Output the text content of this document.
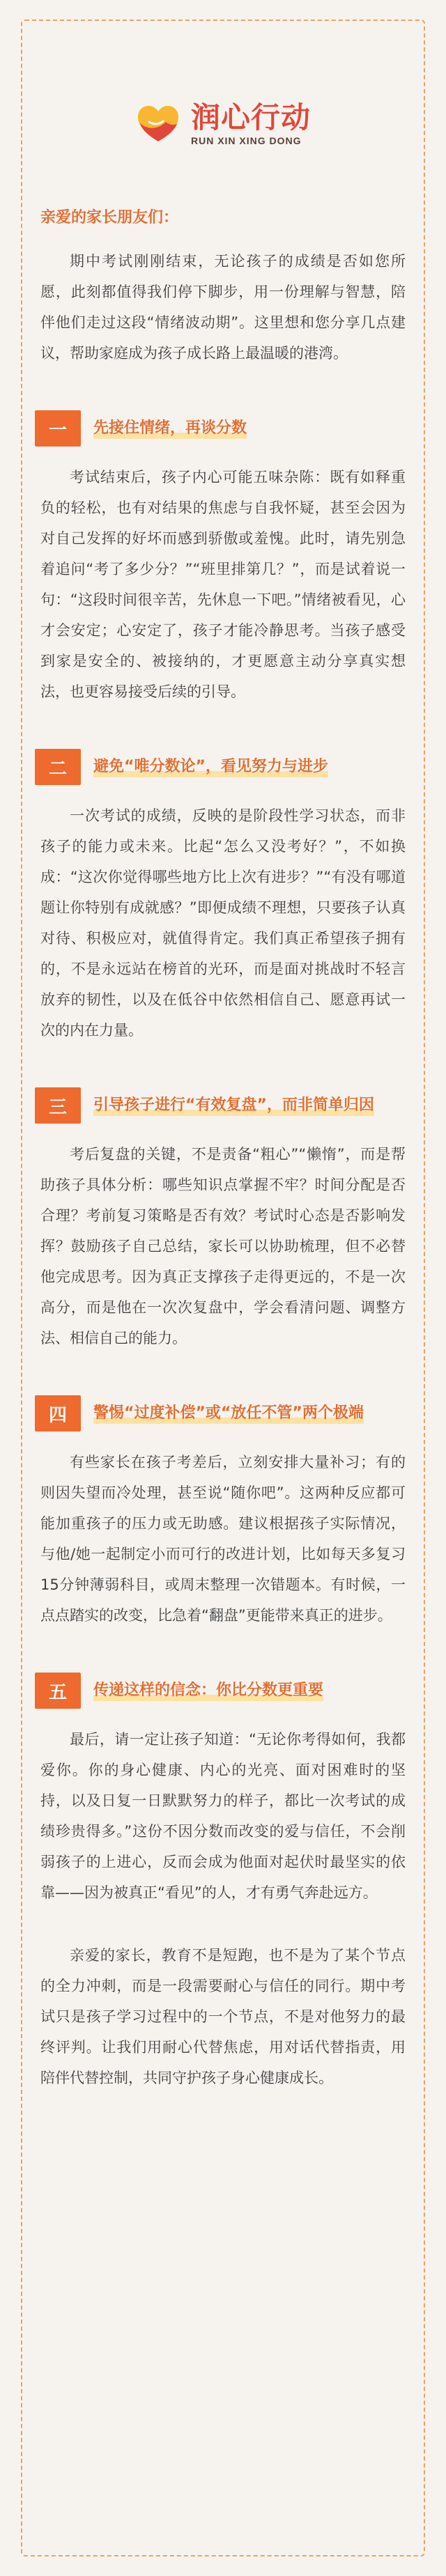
润心行动
RUN XIN XING DONG
亲爱的家长朋友们：

期中考试刚刚结束，无论孩子的成绩是否如您所愿，此刻都值得我们停下脚步，用一份理解与智慧，陪伴他们走过这段“情绪波动期”。这里想和您分享几点建议，帮助家庭成为孩子成长路上最温暖的港湾。

一	先接住情绪，再谈分数

考试结束后，孩子内心可能五味杂陈：既有如释重负的轻松，也有对结果的焦虑与自我怀疑，甚至会因为对自己发挥的好坏而感到骄傲或羞愧。此时，请先别急着追问“考了多少分？”“班里排第几？”，而是试着说一句：“这段时间很辛苦，先休息一下吧。”情绪被看见，心才会安定；心安定了，孩子才能冷静思考。当孩子感受到家是安全的、被接纳的，才更愿意主动分享真实想法，也更容易接受后续的引导。

二	避免“唯分数论”，看见努力与进步

一次考试的成绩，反映的是阶段性学习状态，而非孩子的能力或未来。比起“怎么又没考好？”，不如换成：“这次你觉得哪些地方比上次有进步？”“有没有哪道题让你特别有成就感？”即便成绩不理想，只要孩子认真对待、积极应对，就值得肯定。我们真正希望孩子拥有的，不是永远站在榜首的光环，而是面对挑战时不轻言放弃的韧性，以及在低谷中依然相信自己、愿意再试一次的内在力量。

三	引导孩子进行“有效复盘”，而非简单归因

考后复盘的关键，不是责备“粗心”“懒惰”，而是帮助孩子具体分析：哪些知识点掌握不牢？时间分配是否合理？考前复习策略是否有效？考试时心态是否影响发挥？鼓励孩子自己总结，家长可以协助梳理，但不必替他完成思考。因为真正支撑孩子走得更远的，不是一次高分，而是他在一次次复盘中，学会看清问题、调整方法、相信自己的能力。

四	警惕“过度补偿”或“放任不管”两个极端

有些家长在孩子考差后，立刻安排大量补习；有的则因失望而冷处理，甚至说“随你吧”。这两种反应都可能加重孩子的压力或无助感。建议根据孩子实际情况，与他/她一起制定小而可行的改进计划，比如每天多复习15分钟薄弱科目，或周末整理一次错题本。有时候，一点点踏实的改变，比急着“翻盘”更能带来真正的进步。

五	传递这样的信念：你比分数更重要

最后，请一定让孩子知道：“无论你考得如何，我都爱你。你的身心健康、内心的光亮、面对困难时的坚持，以及日复一日默默努力的样子，都比一次考试的成绩珍贵得多。”这份不因分数而改变的爱与信任，不会削弱孩子的上进心，反而会成为他面对起伏时最坚实的依靠——因为被真正“看见”的人，才有勇气奔赴远方。

亲爱的家长，教育不是短跑，也不是为了某个节点的全力冲刺，而是一段需要耐心与信任的同行。期中考试只是孩子学习过程中的一个节点，不是对他努力的最终评判。让我们用耐心代替焦虑，用对话代替指责，用陪伴代替控制，共同守护孩子身心健康成长。
